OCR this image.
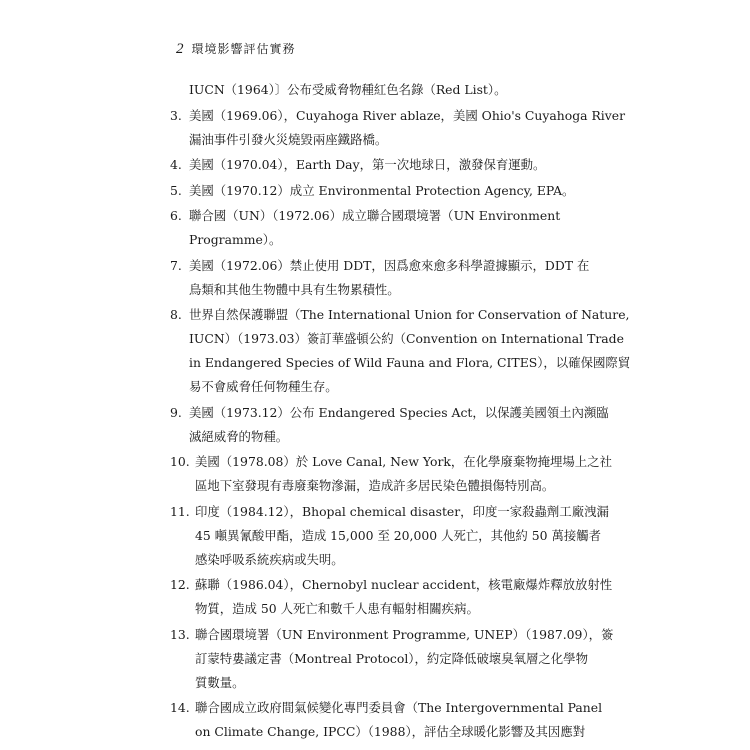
2 環境影響評估實務
IUCN（1964）〕公布受威脅物種紅色名錄（Red List）。
3. 美國（1969.06），Cuyahoga River ablaze，美國 Ohio's Cuyahoga River
漏油事件引發火災燒毀兩座鐵路橋。
4. 美國（1970.04），Earth Day，第一次地球日，激發保育運動。
5. 美國（1970.12）成立 Environmental Protection Agency, EPA。
6. 聯合國（UN）（1972.06）成立聯合國環境署（UN Environment
Programme）。
7. 美國（1972.06）禁止使用 DDT，因爲愈來愈多科學證據顯示，DDT 在
鳥類和其他生物體中具有生物累積性。
8. 世界自然保護聯盟（The International Union for Conservation of Nature,
IUCN）（1973.03）簽訂華盛頓公約（Convention on International Trade
in Endangered Species of Wild Fauna and Flora, CITES），以確保國際貿
易不會威脅任何物種生存。
9. 美國（1973.12）公布 Endangered Species Act，以保護美國領土內瀕臨
滅絕威脅的物種。
10. 美國（1978.08）於 Love Canal, New York，在化學廢棄物掩埋場上之社
區地下室發現有毒廢棄物滲漏，造成許多居民染色體損傷特別高。
11. 印度（1984.12），Bhopal chemical disaster，印度一家殺蟲劑工廠洩漏
45 噸異氰酸甲酯，造成 15,000 至 20,000 人死亡，其他約 50 萬接觸者
感染呼吸系統疾病或失明。
12. 蘇聯（1986.04），Chernobyl nuclear accident，核電廠爆炸釋放放射性
物質，造成 50 人死亡和數千人患有輻射相關疾病。
13. 聯合國環境署（UN Environment Programme, UNEP）（1987.09），簽
訂蒙特婁議定書（Montreal Protocol），約定降低破壞臭氧層之化學物
質數量。
14. 聯合國成立政府間氣候變化專門委員會（The Intergovernmental Panel
on Climate Change, IPCC）（1988），評估全球暖化影響及其因應對
